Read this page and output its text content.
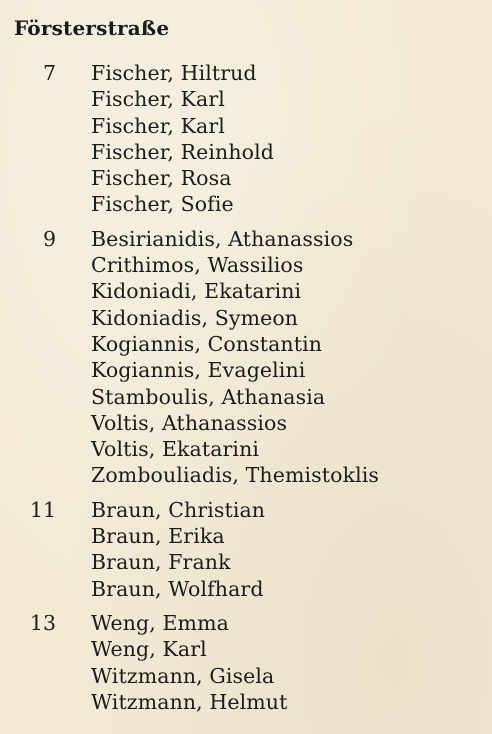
Försterstraße
7 Fischer, Hiltrud
Fischer, Karl
Fischer, Karl
Fischer, Reinhold
Fischer, Rosa
Fischer, Sofie
9 Besirianidis, Athanassios
Crithimos, Wassilios
Kidoniadi, Ekatarini
Kidoniadis, Symeon
Kogiannis, Constantin
Kogiannis, Evagelini
Stamboulis, Athanasia
Voltis, Athanassios
Voltis, Ekatarini
Zombouliadis, Themistoklis
11 Braun, Christian
Braun, Erika
Braun, Frank
Braun, Wolfhard
13 Weng, Emma
Weng, Karl
Witzmann, Gisela
Witzmann, Helmut
